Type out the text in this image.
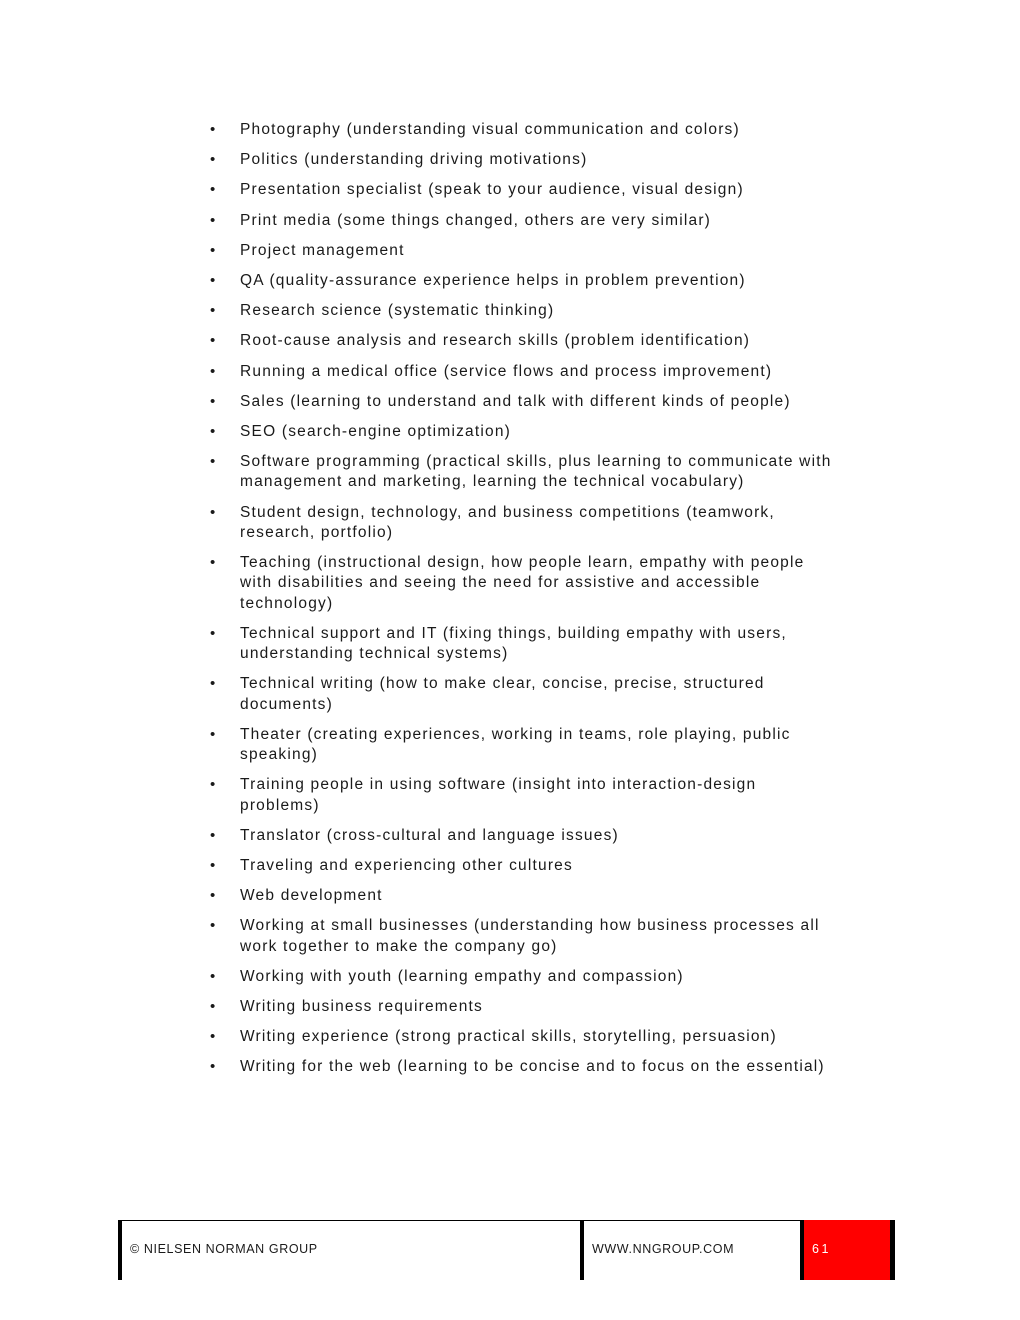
• Photography (understanding visual communication and colors)
• Politics (understanding driving motivations)
• Presentation specialist (speak to your audience, visual design)
• Print media (some things changed, others are very similar)
• Project management
• QA (quality-assurance experience helps in problem prevention)
• Research science (systematic thinking)
• Root-cause analysis and research skills (problem identification)
• Running a medical office (service flows and process improvement)
• Sales (learning to understand and talk with different kinds of people)
• SEO (search-engine optimization)
• Software programming (practical skills, plus learning to communicate with management and marketing, learning the technical vocabulary)
• Student design, technology, and business competitions (teamwork, research, portfolio)
• Teaching (instructional design, how people learn, empathy with people with disabilities and seeing the need for assistive and accessible technology)
• Technical support and IT (fixing things, building empathy with users, understanding technical systems)
• Technical writing (how to make clear, concise, precise, structured documents)
• Theater (creating experiences, working in teams, role playing, public speaking)
• Training people in using software (insight into interaction-design problems)
• Translator (cross-cultural and language issues)
• Traveling and experiencing other cultures
• Web development
• Working at small businesses (understanding how business processes all work together to make the company go)
• Working with youth (learning empathy and compassion)
• Writing business requirements
• Writing experience (strong practical skills, storytelling, persuasion)
• Writing for the web (learning to be concise and to focus on the essential)
© NIELSEN NORMAN GROUP	WWW.NNGROUP.COM	61
